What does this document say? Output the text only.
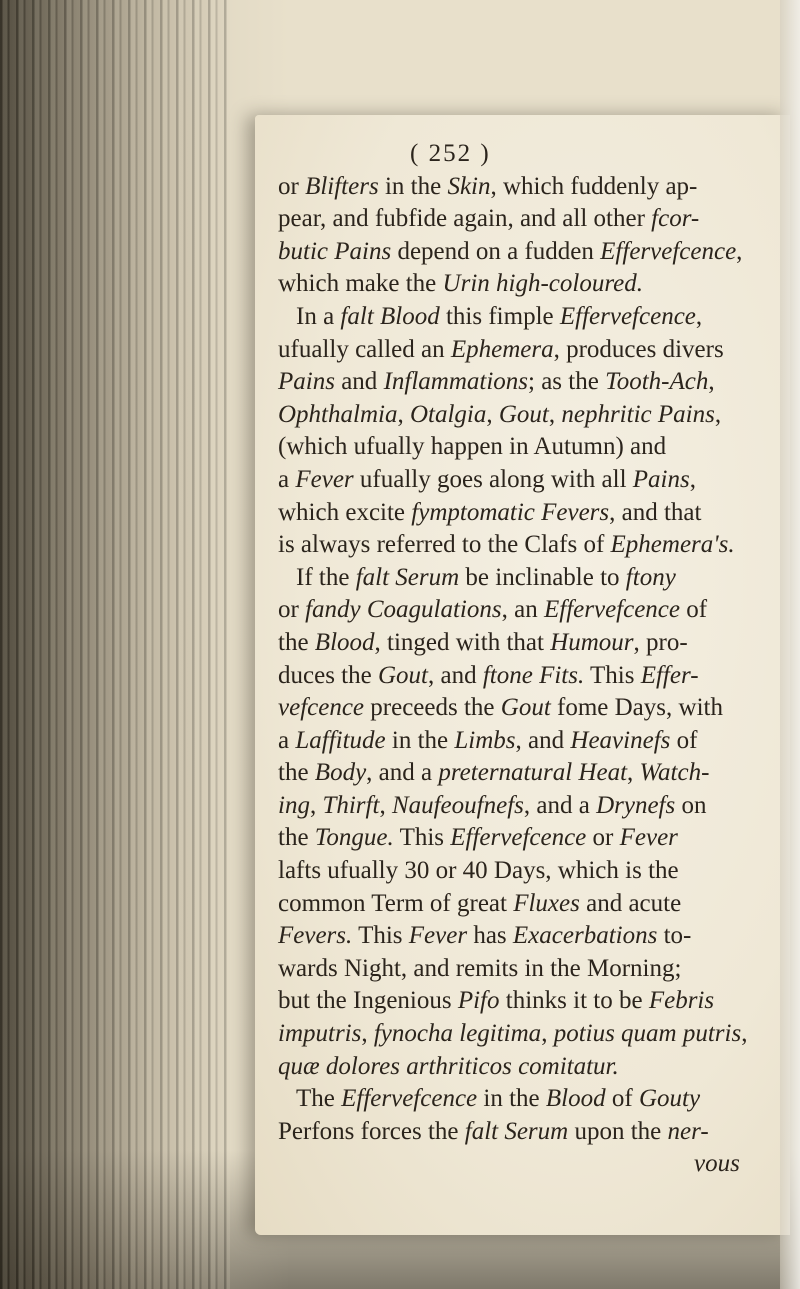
( 252 )
or Blifters in the Skin, which fuddenly ap-
pear, and fubfide again, and all other fcor-
butic Pains depend on a fudden Effervefcence,
which make the Urin high-coloured.
In a falt Blood this fimple Effervefcence,
ufually called an Ephemera, produces divers
Pains and Inflammations; as the Tooth-Ach,
Ophthalmia, Otalgia, Gout, nephritic Pains,
(which ufually happen in Autumn) and
a Fever ufually goes along with all Pains,
which excite fymptomatic Fevers, and that
is always referred to the Clafs of Ephemera's.
If the falt Serum be inclinable to ftony
or fandy Coagulations, an Effervefcence of
the Blood, tinged with that Humour, pro-
duces the Gout, and ftone Fits. This Effer-
vefcence preceeds the Gout fome Days, with
a Laffitude in the Limbs, and Heavinefs of
the Body, and a preternatural Heat, Watch-
ing, Thirft, Naufeoufnefs, and a Drynefs on
the Tongue. This Effervefcence or Fever
lafts ufually 30 or 40 Days, which is the
common Term of great Fluxes and acute
Fevers. This Fever has Exacerbations to-
wards Night, and remits in the Morning;
but the Ingenious Pifo thinks it to be Febris
imputris, fynocha legitima, potius quam putris,
quæ dolores arthriticos comitatur.
The Effervefcence in the Blood of Gouty
Perfons forces the falt Serum upon the ner-
vous
